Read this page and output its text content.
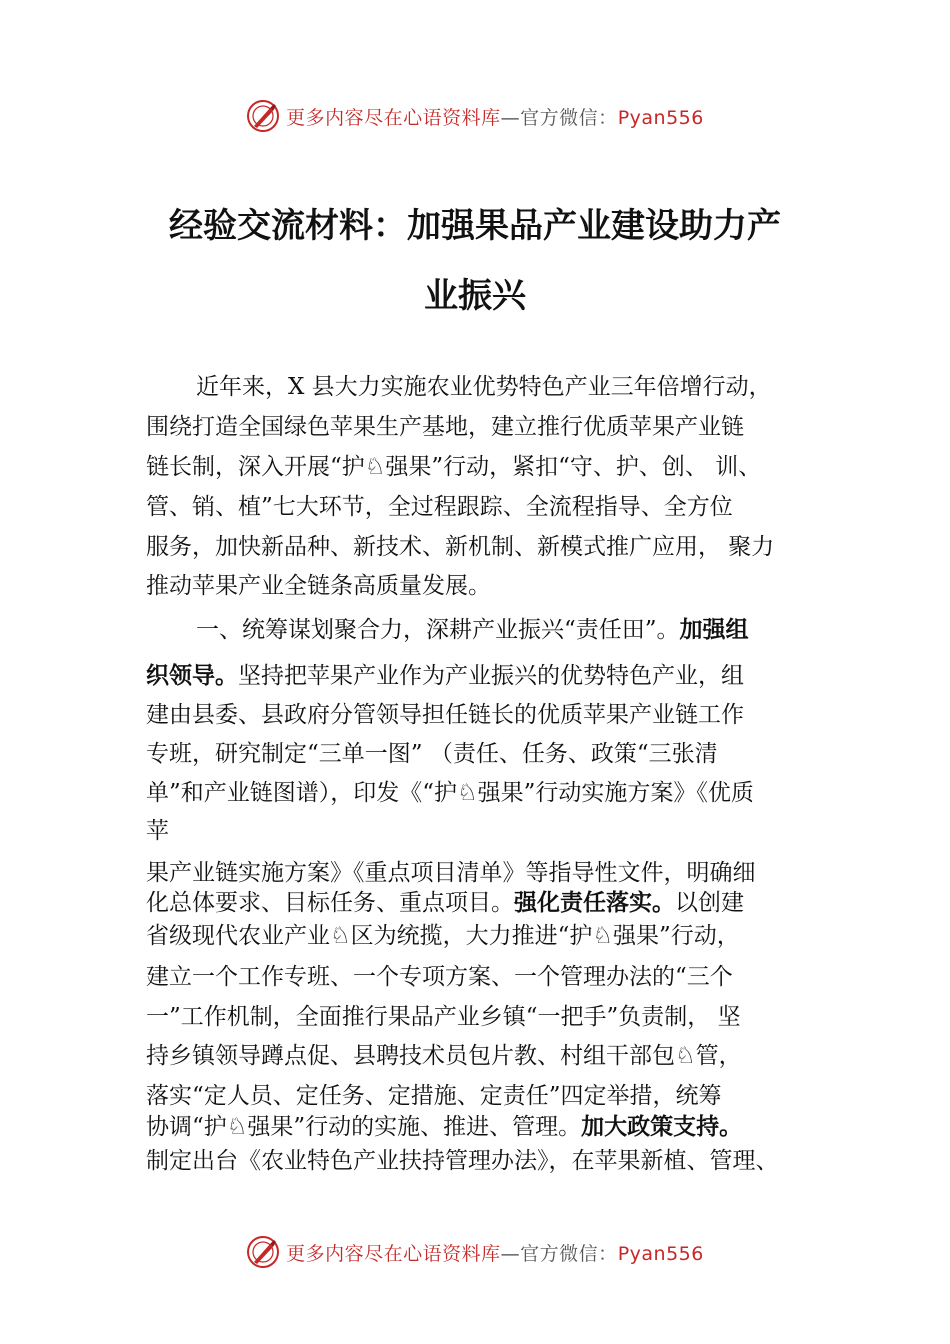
更多内容尽在心语资料库—官方微信：Pyan556
经验交流材料：加强果品产业建设助力产
业振兴

近年来，X 县大力实施农业优势特色产业三年倍增行动，

围绕打造全国绿色苹果生产基地，建立推行优质苹果产业链

链长制，深入开展“护♘强果”行动，紧扣“守、护、创、 训、

管、销、植”七大环节，全过程跟踪、全流程指导、全方位

服务，加快新品种、新技术、新机制、新模式推广应用， 聚力

推动苹果产业全链条高质量发展。

一、统筹谋划聚合力，深耕产业振兴“责任田”。加强组

织领导。坚持把苹果产业作为产业振兴的优势特色产业，组

建由县委、县政府分管领导担任链长的优质苹果产业链工作

专班，研究制定“三单一图” （责任、任务、政策“三张清

单”和产业链图谱），印发《“护♘强果”行动实施方案》《优质

苹

果产业链实施方案》《重点项目清单》等指导性文件，明确细

化总体要求、目标任务、重点项目。强化责任落实。以创建

省级现代农业产业♘区为统揽，大力推进“护♘强果”行动，

建立一个工作专班、一个专项方案、一个管理办法的“三个

一”工作机制，全面推行果品产业乡镇“一把手”负责制， 坚

持乡镇领导蹲点促、县聘技术员包片教、村组干部包♘管，

落实“定人员、定任务、定措施、定责任”四定举措，统筹

协调“护♘强果”行动的实施、推进、管理。加大政策支持。

制定出台《农业特色产业扶持管理办法》，在苹果新植、管理、

更多内容尽在心语资料库—官方微信：Pyan556
